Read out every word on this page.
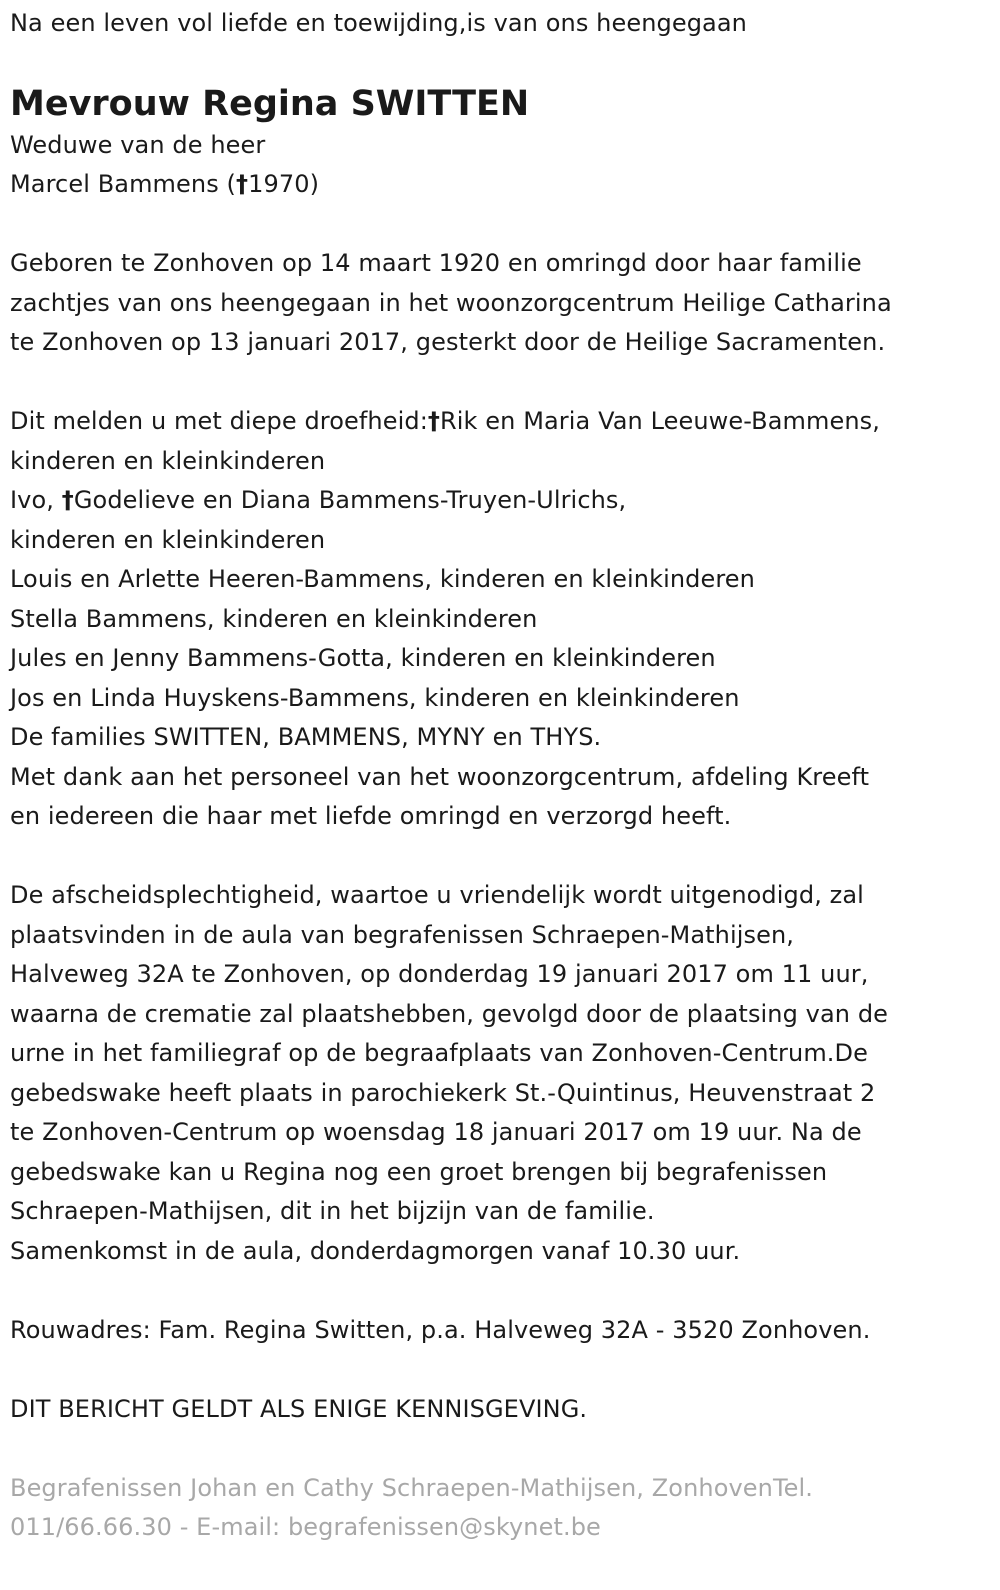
Na een leven vol liefde en toewijding,is van ons heengegaan
Mevrouw Regina SWITTEN
Weduwe van de heer
Marcel Bammens (†1970)
Geboren te Zonhoven op 14 maart 1920 en omringd door haar familie
zachtjes van ons heengegaan in het woonzorgcentrum Heilige Catharina
te Zonhoven op 13 januari 2017, gesterkt door de Heilige Sacramenten.
Dit melden u met diepe droefheid:†Rik en Maria Van Leeuwe-Bammens,
kinderen en kleinkinderen
Ivo, †Godelieve en Diana Bammens-Truyen-Ulrichs,
kinderen en kleinkinderen
Louis en Arlette Heeren-Bammens, kinderen en kleinkinderen
Stella Bammens, kinderen en kleinkinderen
Jules en Jenny Bammens-Gotta, kinderen en kleinkinderen
Jos en Linda Huyskens-Bammens, kinderen en kleinkinderen
De families SWITTEN, BAMMENS, MYNY en THYS.
Met dank aan het personeel van het woonzorgcentrum, afdeling Kreeft
en iedereen die haar met liefde omringd en verzorgd heeft.
De afscheidsplechtigheid, waartoe u vriendelijk wordt uitgenodigd, zal
plaatsvinden in de aula van begrafenissen Schraepen-Mathijsen,
Halveweg 32A te Zonhoven, op donderdag 19 januari 2017 om 11 uur,
waarna de crematie zal plaatshebben, gevolgd door de plaatsing van de
urne in het familiegraf op de begraafplaats van Zonhoven-Centrum.De
gebedswake heeft plaats in parochiekerk St.-Quintinus, Heuvenstraat 2
te Zonhoven-Centrum op woensdag 18 januari 2017 om 19 uur. Na de
gebedswake kan u Regina nog een groet brengen bij begrafenissen
Schraepen-Mathijsen, dit in het bijzijn van de familie.
Samenkomst in de aula, donderdagmorgen vanaf 10.30 uur.
Rouwadres: Fam. Regina Switten, p.a. Halveweg 32A - 3520 Zonhoven.
DIT BERICHT GELDT ALS ENIGE KENNISGEVING.
Begrafenissen Johan en Cathy Schraepen-Mathijsen, ZonhovenTel.
011/66.66.30 - E-mail: begrafenissen@skynet.be
